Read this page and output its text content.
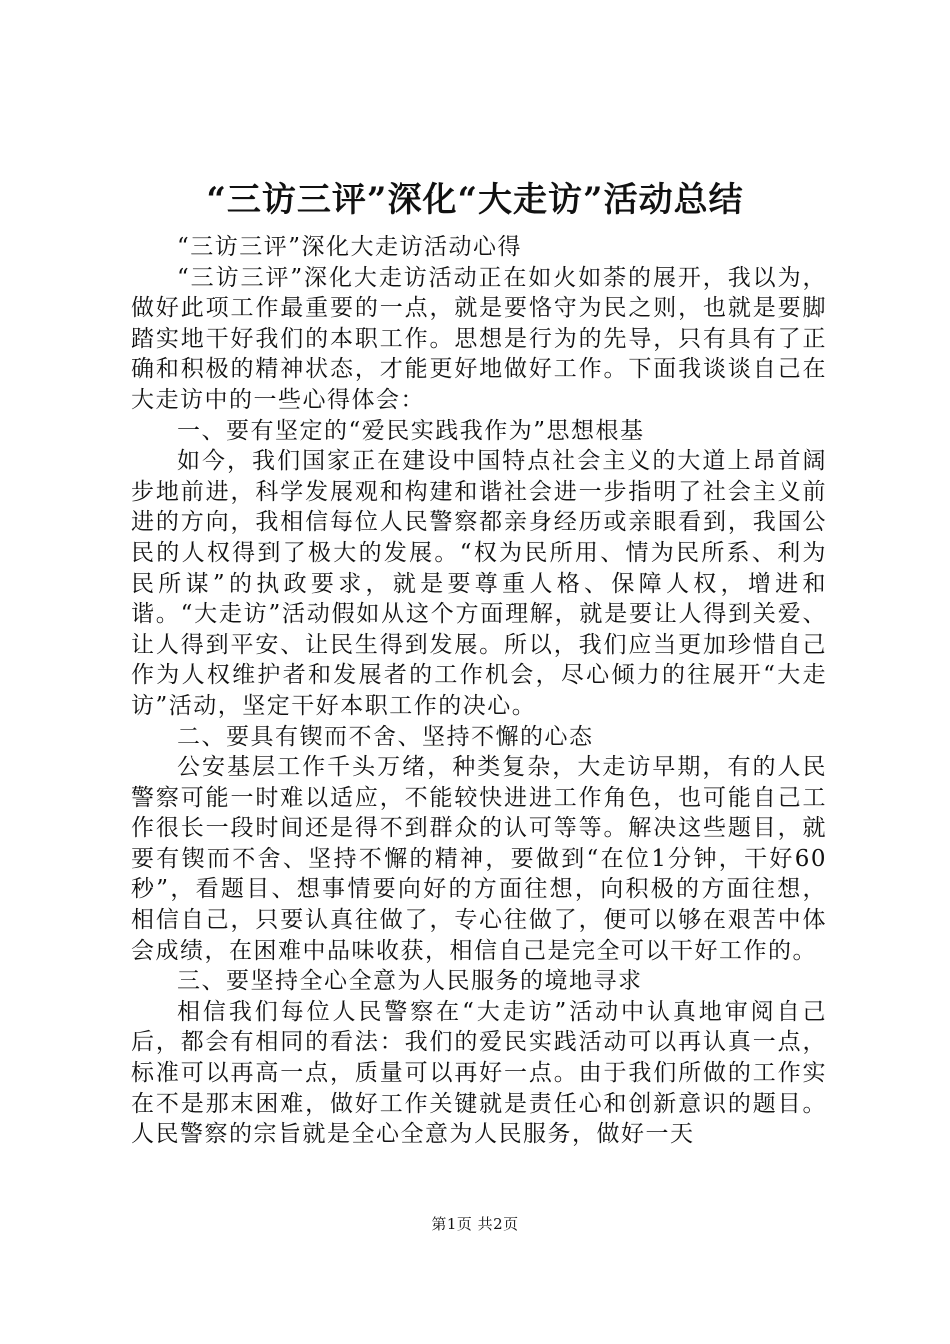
“三访三评”深化“大走访”活动总结

“三访三评”深化大走访活动心得

“三访三评”深化大走访活动正在如火如荼的展开，我以为，做好此项工作最重要的一点，就是要恪守为民之则，也就是要脚踏实地干好我们的本职工作。思想是行为的先导，只有具有了正确和积极的精神状态，才能更好地做好工作。下面我谈谈自己在大走访中的一些心得体会：

一、要有坚定的“爱民实践我作为”思想根基

如今，我们国家正在建设中国特点社会主义的大道上昂首阔步地前进，科学发展观和构建和谐社会进一步指明了社会主义前进的方向，我相信每位人民警察都亲身经历或亲眼看到，我国公民的人权得到了极大的发展。“权为民所用、情为民所系、利为民所谋”的执政要求，就是要尊重人格、保障人权，增进和谐。“大走访”活动假如从这个方面理解，就是要让人得到关爱、让人得到平安、让民生得到发展。所以，我们应当更加珍惜自己作为人权维护者和发展者的工作机会，尽心倾力的往展开“大走访”活动，坚定干好本职工作的决心。

二、要具有锲而不舍、坚持不懈的心态

公安基层工作千头万绪，种类复杂，大走访早期，有的人民警察可能一时难以适应，不能较快进进工作角色，也可能自己工作很长一段时间还是得不到群众的认可等等。解决这些题目，就要有锲而不舍、坚持不懈的精神，要做到“在位1分钟，干好60秒”，看题目、想事情要向好的方面往想，向积极的方面往想，相信自己，只要认真往做了，专心往做了，便可以够在艰苦中体会成绩，在困难中品味收获，相信自己是完全可以干好工作的。

三、要坚持全心全意为人民服务的境地寻求

相信我们每位人民警察在“大走访”活动中认真地审阅自己后，都会有相同的看法：我们的爱民实践活动可以再认真一点，标准可以再高一点，质量可以再好一点。由于我们所做的工作实在不是那末困难，做好工作关键就是责任心和创新意识的题目。人民警察的宗旨就是全心全意为人民服务，做好一天

第1页 共2页
